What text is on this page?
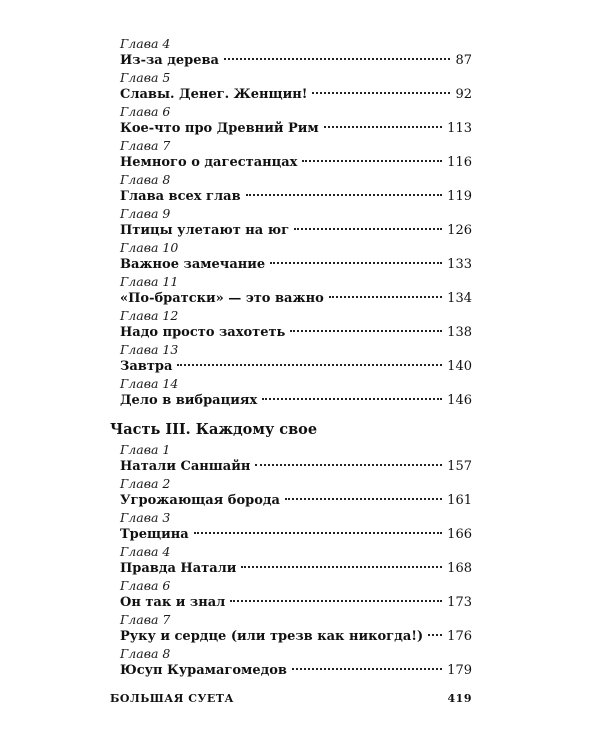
Глава 4
Из-за дерева	87
Глава 5
Славы. Денег. Женщин!	92
Глава 6
Кое-что про Древний Рим	113
Глава 7
Немного о дагестанцах	116
Глава 8
Глава всех глав	119
Глава 9
Птицы улетают на юг	126
Глава 10
Важное замечание	133
Глава 11
«По-братски» — это важно	134
Глава 12
Надо просто захотеть	138
Глава 13
Завтра	140
Глава 14
Дело в вибрациях	146
Часть III. Каждому свое
Глава 1
Натали Саншайн	157
Глава 2
Угрожающая борода	161
Глава 3
Трещина	166
Глава 4
Правда Натали	168
Глава 6
Он так и знал	173
Глава 7
Руку и сердце (или трезв как никогда!) 176
Глава 8
Юсуп Курамагомедов	179
БОЛЬШАЯ СУЕТА	419
